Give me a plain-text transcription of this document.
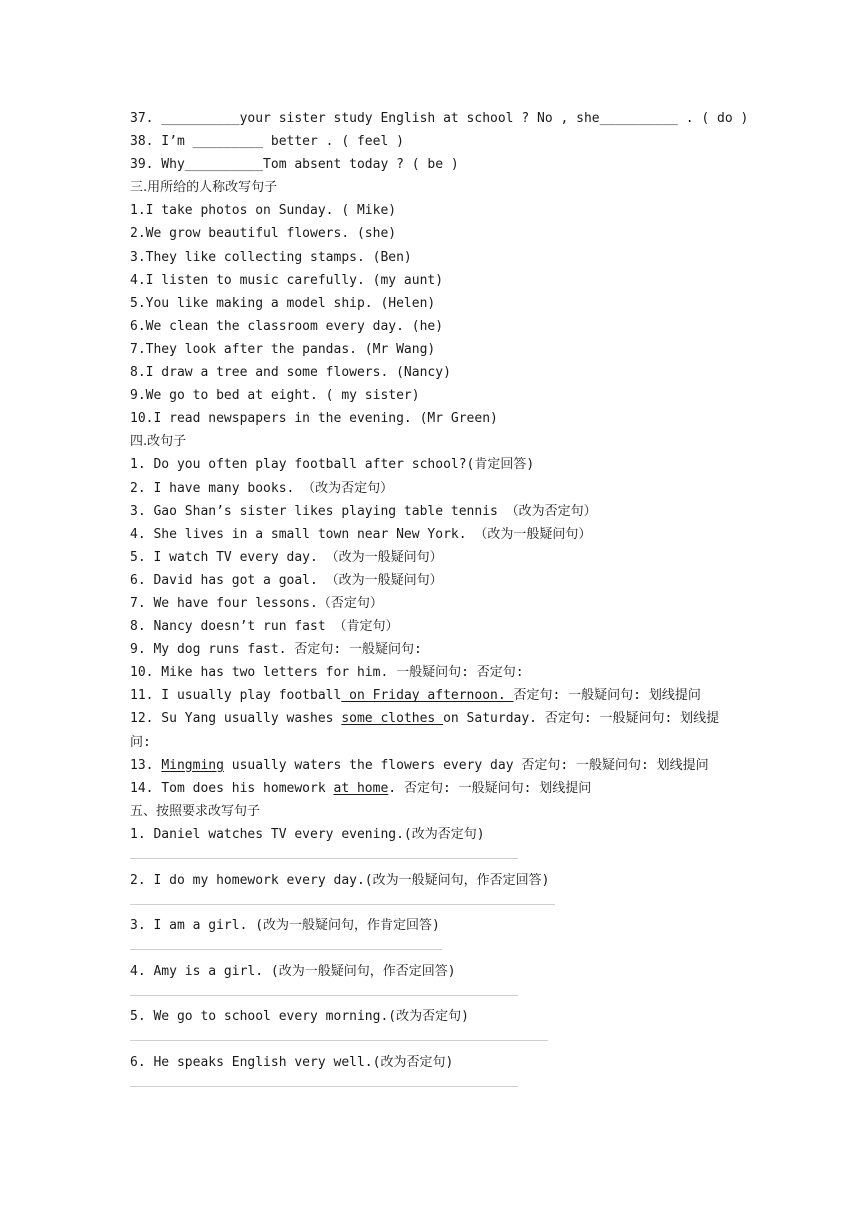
37. __________your sister study English at school ? No , she__________ . ( do )
38. I’m _________ better . ( feel )
39. Why__________Tom absent today ? ( be )
三.用所给的人称改写句子
1.I take photos on Sunday. ( Mike)
2.We grow beautiful flowers. (she)
3.They like collecting stamps. (Ben)
4.I listen to music carefully. (my aunt)
5.You like making a model ship. (Helen)
6.We clean the classroom every day. (he)
7.They look after the pandas. (Mr Wang)
8.I draw a tree and some flowers. (Nancy)
9.We go to bed at eight. ( my sister)
10.I read newspapers in the evening. (Mr Green)
四.改句子
1. Do you often play football after school?(肯定回答)
2. I have many books. （改为否定句）
3. Gao Shan’s sister likes playing table tennis （改为否定句）
4. She lives in a small town near New York. （改为一般疑问句）
5. I watch TV every day. （改为一般疑问句）
6. David has got a goal. （改为一般疑问句）
7. We have four lessons.（否定句）
8. Nancy doesn’t run fast （肯定句）
9. My dog runs fast. 否定句: 一般疑问句:
10. Mike has two letters for him. 一般疑问句: 否定句:
11. I usually play football on Friday afternoon. 否定句: 一般疑问句: 划线提问
12. Su Yang usually washes some clothes on Saturday. 否定句: 一般疑问句: 划线提问:
13. Mingming usually waters the flowers every day 否定句: 一般疑问句: 划线提问
14. Tom does his homework at home. 否定句: 一般疑问句: 划线提问
五、按照要求改写句子
1. Daniel watches TV every evening.(改为否定句)
2. I do my homework every day.(改为一般疑问句，作否定回答)
3. I am a girl. (改为一般疑问句，作肯定回答)
4. Amy is a girl. (改为一般疑问句，作否定回答)
5. We go to school every morning.(改为否定句)
6. He speaks English very well.(改为否定句)
